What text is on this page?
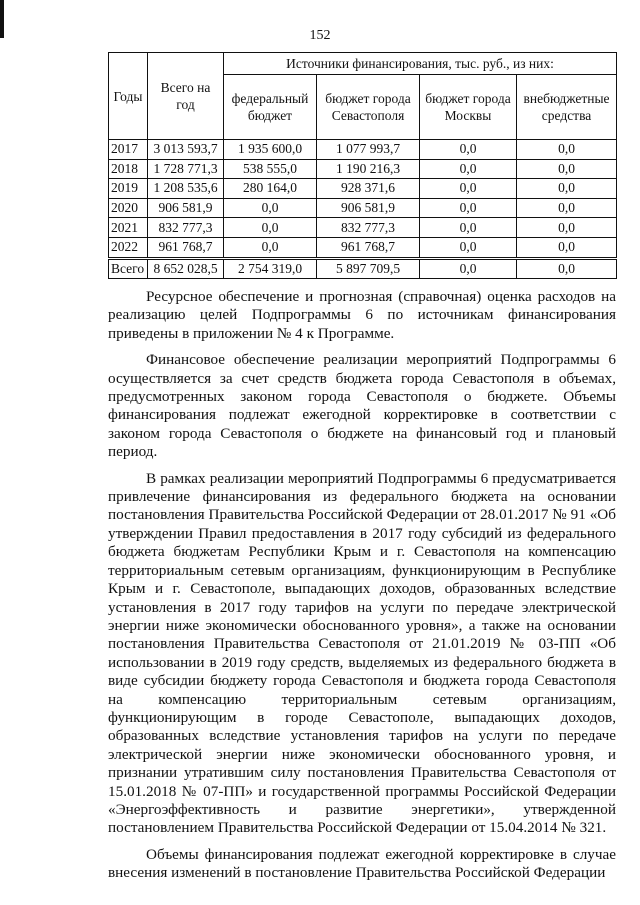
152
Годы	Всего на год	Источники финансирования, тыс. руб., из них:			
		федеральный бюджет	бюджет города Севастополя	бюджет города Москвы	внебюджетные средства
2017	3 013 593,7	1 935 600,0	1 077 993,7	0,0	0,0
2018	1 728 771,3	538 555,0	1 190 216,3	0,0	0,0
2019	1 208 535,6	280 164,0	928 371,6	0,0	0,0
2020	906 581,9	0,0	906 581,9	0,0	0,0
2021	832 777,3	0,0	832 777,3	0,0	0,0
2022	961 768,7	0,0	961 768,7	0,0	0,0
Всего	8 652 028,5	2 754 319,0	5 897 709,5	0,0	0,0

Ресурсное обеспечение и прогнозная (справочная) оценка расходов на реализацию целей Подпрограммы 6 по источникам финансирования приведены в приложении № 4 к Программе.

Финансовое обеспечение реализации мероприятий Подпрограммы 6 осуществляется за счет средств бюджета города Севастополя в объемах, предусмотренных законом города Севастополя о бюджете. Объемы финансирования подлежат ежегодной корректировке в соответствии с законом города Севастополя о бюджете на финансовый год и плановый период.

В рамках реализации мероприятий Подпрограммы 6 предусматривается привлечение финансирования из федерального бюджета на основании постановления Правительства Российской Федерации от 28.01.2017 № 91 «Об утверждении Правил предоставления в 2017 году субсидий из федерального бюджета бюджетам Республики Крым и г. Севастополя на компенсацию территориальным сетевым организациям, функционирующим в Республике Крым и г. Севастополе, выпадающих доходов, образованных вследствие установления в 2017 году тарифов на услуги по передаче электрической энергии ниже экономически обоснованного уровня», а также на основании постановления Правительства Севастополя от 21.01.2019 № 03-ПП «Об использовании в 2019 году средств, выделяемых из федерального бюджета в виде субсидии бюджету города Севастополя и бюджета города Севастополя на компенсацию территориальным сетевым организациям, функционирующим в городе Севастополе, выпадающих доходов, образованных вследствие установления тарифов на услуги по передаче электрической энергии ниже экономически обоснованного уровня, и признании утратившим силу постановления Правительства Севастополя от 15.01.2018 № 07-ПП» и государственной программы Российской Федерации «Энергоэффективность и развитие энергетики», утвержденной постановлением Правительства Российской Федерации от 15.04.2014 № 321.

Объемы финансирования подлежат ежегодной корректировке в случае внесения изменений в постановление Правительства Российской Федерации
